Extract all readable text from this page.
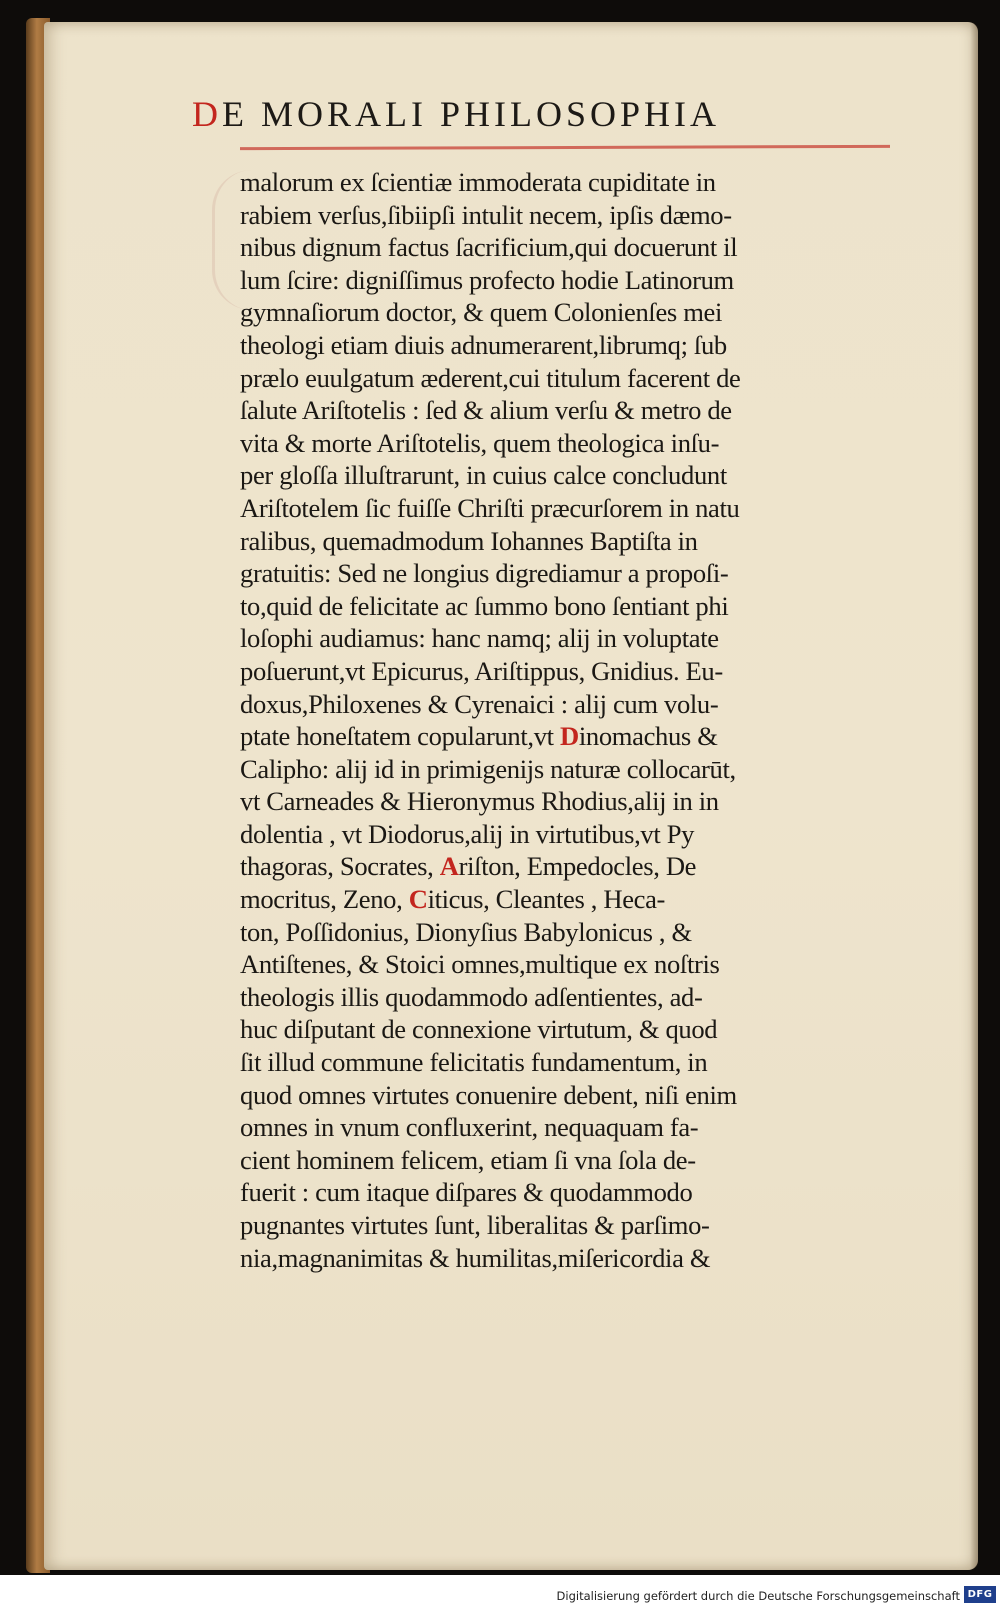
DE MORALI PHILOSOPHIA
malorum ex ſcientiæ immoderata cupiditate in
rabiem verſus,ſibiipſi intulit necem, ipſis dæmo-
nibus dignum factus ſacrificium,qui docuerunt il
lum ſcire: digniſſimus profecto hodie Latinorum
gymnaſiorum doctor, & quem Colonienſes mei
theologi etiam diuis adnumerarent,librumq; ſub
prælo euulgatum æderent,cui titulum facerent de
ſalute Ariſtotelis : ſed & alium verſu & metro de
vita & morte Ariſtotelis, quem theologica inſu-
per gloſſa illuſtrarunt, in cuius calce concludunt
Ariſtotelem ſic fuiſſe Chriſti præcurſorem in natu
ralibus, quemadmodum Iohannes Baptiſta in
gratuitis: Sed ne longius digrediamur a propoſi-
to,quid de felicitate ac ſummo bono ſentiant phi
loſophi audiamus: hanc namq; alij in voluptate
poſuerunt,vt Epicurus, Ariſtippus, Gnidius. Eu-
doxus,Philoxenes & Cyrenaici : alij cum volu-
ptate honeſtatem copularunt,vt Dinomachus &
Calipho: alij id in primigenijs naturæ collocarūt,
vt Carneades & Hieronymus Rhodius,alij in in
dolentia , vt Diodorus,alij in virtutibus,vt Py
thagoras, Socrates, Ariſton, Empedocles, De
mocritus, Zeno, Citicus, Cleantes , Heca-
ton, Poſſidonius, Dionyſius Babylonicus , &
Antiſtenes, & Stoici omnes,multique ex noſtris
theologis illis quodammodo adſentientes, ad-
huc diſputant de connexione virtutum, & quod
ſit illud commune felicitatis fundamentum, in
quod omnes virtutes conuenire debent, niſi enim
omnes in vnum confluxerint, nequaquam fa-
cient hominem felicem, etiam ſi vna ſola de-
fuerit : cum itaque diſpares & quodammodo
pugnantes virtutes ſunt, liberalitas & parſimo-
nia,magnanimitas & humilitas,miſericordia &
Digitalisierung gefördert durch die Deutsche Forschungsgemeinschaft DFG
